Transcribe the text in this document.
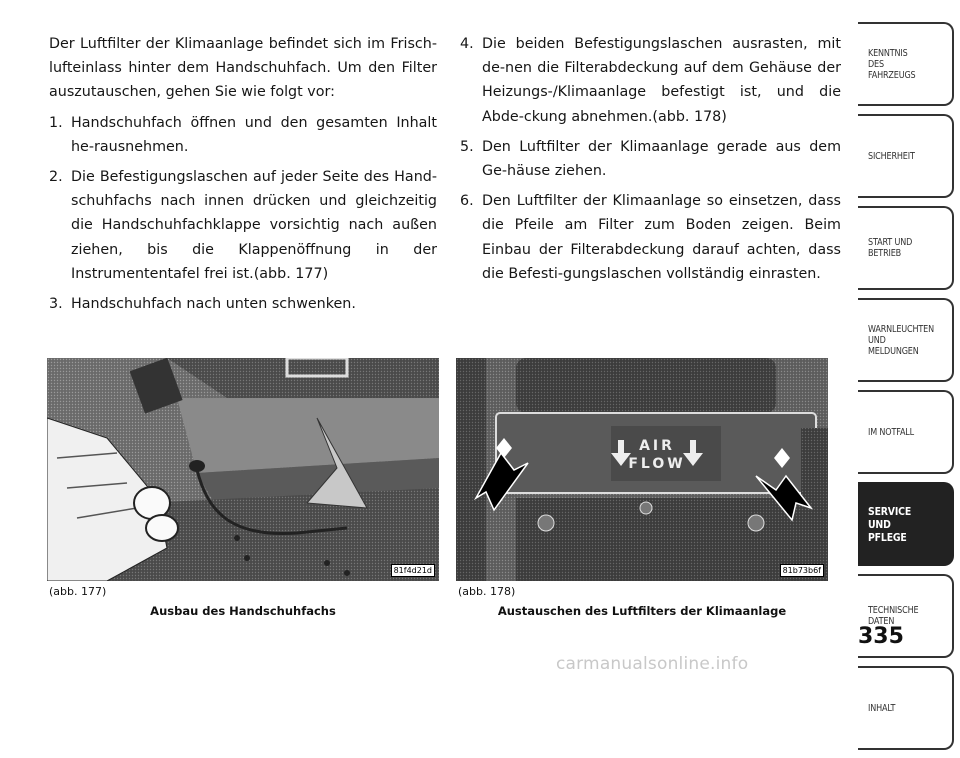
Der Luftfilter der Klimaanlage befindet sich im Frisch-lufteinlass hinter dem Handschuhfach. Um den Filter auszutauschen, gehen Sie wie folgt vor:

1. Handschuhfach öffnen und den gesamten Inhalt he-rausnehmen.

2. Die Befestigungslaschen auf jeder Seite des Hand-schuhfachs nach innen drücken und gleichzeitig die Handschuhfachklappe vorsichtig nach außen ziehen, bis die Klappenöffnung in der Instrumententafel frei ist.(abb. 177)

3. Handschuhfach nach unten schwenken.

4. Die beiden Befestigungslaschen ausrasten, mit de-nen die Filterabdeckung auf dem Gehäuse der Heizungs-/Klimaanlage befestigt ist, und die Abde-ckung abnehmen.(abb. 178)

5. Den Luftfilter der Klimaanlage gerade aus dem Ge-häuse ziehen.

6. Den Luftfilter der Klimaanlage so einsetzen, dass die Pfeile am Filter zum Boden zeigen. Beim Einbau der Filterabdeckung darauf achten, dass die Befesti-gungslaschen vollständig einrasten.

81f4d21d
(abb. 177)
Ausbau des Handschuhfachs
AIR
FLOW
81b73b6f
(abb. 178)
Austauschen des Luftfilters der Klimaanlage
KENNTNIS
DES
FAHRZEUGS
SICHERHEIT
START UND
BETRIEB
WARNLEUCHTEN
UND
MELDUNGEN
IM NOTFALL
SERVICE
UND
PFLEGE
TECHNISCHE
DATEN
INHALT
335
carmanualsonline.info
